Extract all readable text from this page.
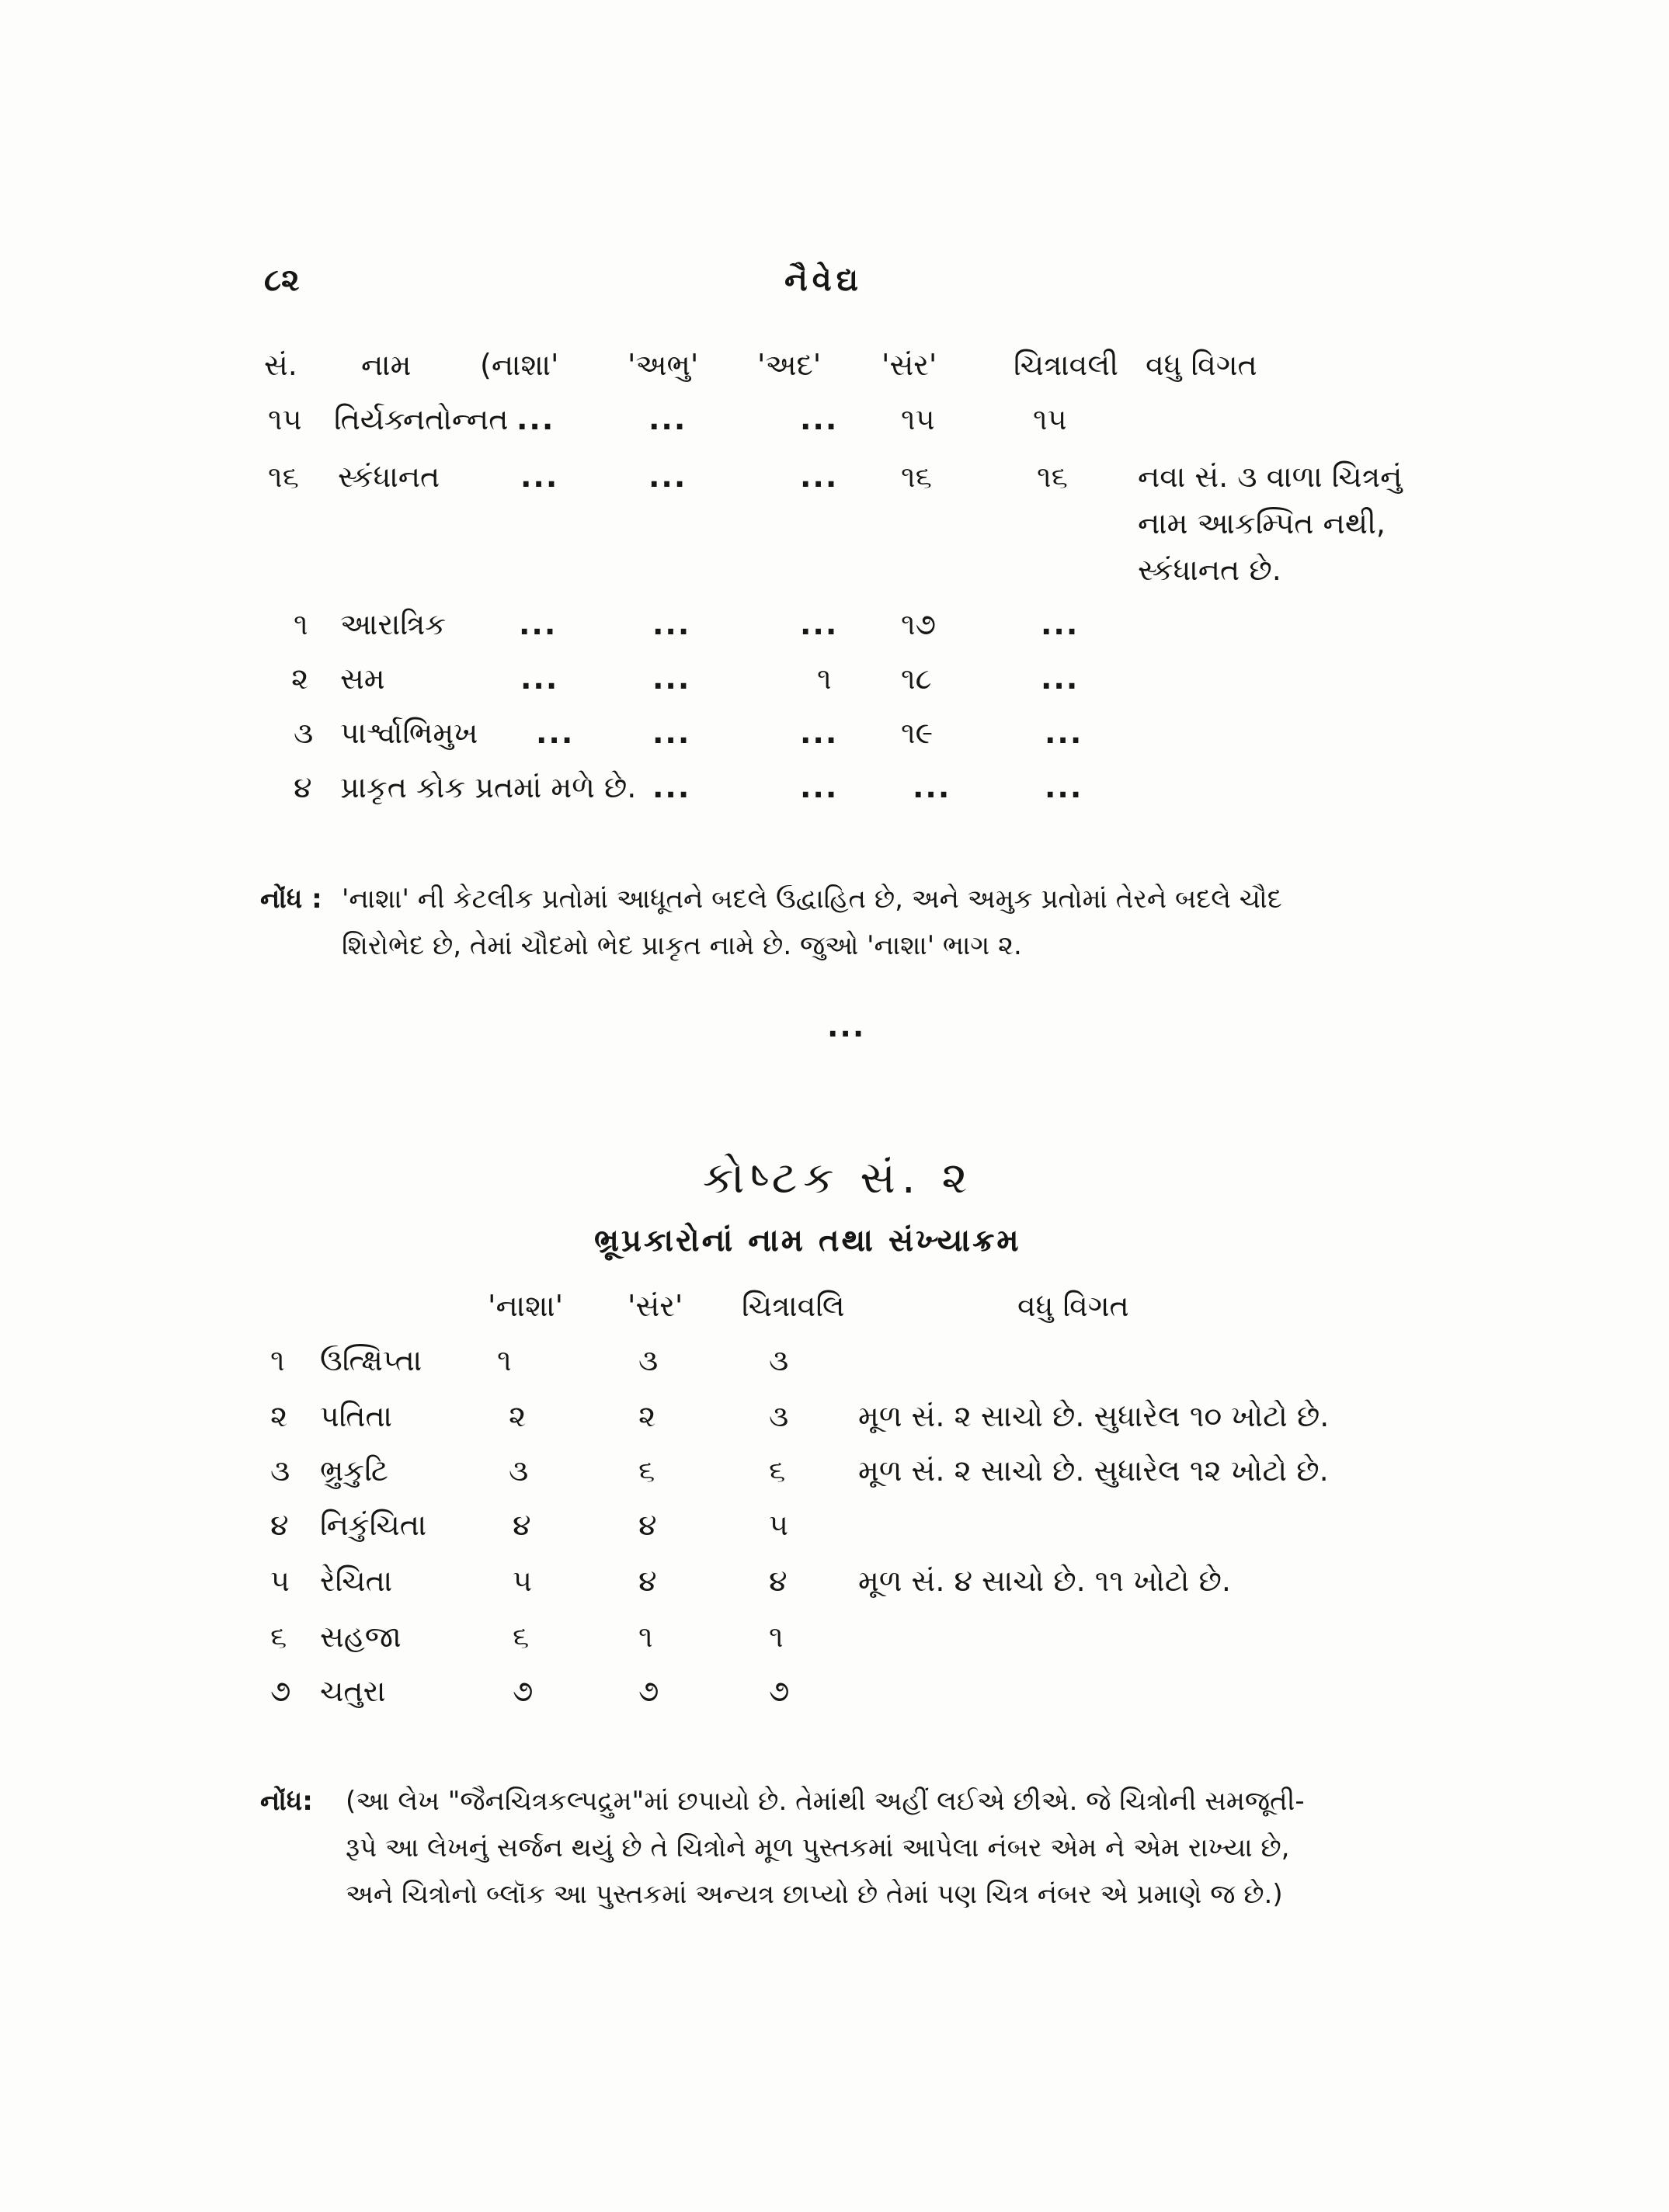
૮૨	નૈવેદ્ય
સં. નામ (નાશા' 'અભુ' 'અદ' 'સંર'	ચિત્રાવલી વધુ વિગત
૧૫ તિર્યક્નતોન્નત ...	...	... ૧૫	૧૫
૧૬ સ્કંધાનત	...	...	... ૧૬	૧૬ નવા સં. ૩ વાળા ચિત્રનું
નામ આકમ્પિત નથી,
સ્કંધાનત છે.
૧ આરાત્રિક ...	...	... ૧૭	...
૨ સમ	...	...	૧ ૧૮	...
૩ પાર્શ્વાભિમુખ ...	...	... ૧૯	...
૪ પ્રાકૃત કોક પ્રતમાં મળે છે. ...	...	...	...
નોંધ : 'નાશા' ની કેટલીક પ્રતોમાં આધૂતને બદલે ઉદ્વાહિત છે, અને અમુક પ્રતોમાં તેરને બદલે ચૌદ
શિરોભેદ છે, તેમાં ચૌદમો ભેદ પ્રાકૃત નામે છે. જુઓ 'નાશા' ભાગ ૨.
...
કોષ્ટક સં. ૨
ભ્રૂપ્રકારોનાં નામ તથા સંખ્યાક્રમ
'નાશા' 'સંર' ચિત્રાવલિ	વધુ વિગત
૧ ઉત્ક્ષિપ્તા	૧	૩	૩
૨ પતિતા	૨	૨	૩ મૂળ સં. ૨ સાચો છે. સુધારેલ ૧૦ ખોટો છે.
૩ ભ્રુકુટિ	૩	૬	૬ મૂળ સં. ૨ સાચો છે. સુધારેલ ૧૨ ખોટો છે.
૪ નિકુંચિતા	૪	૪	૫
૫ રેચિતા	૫	૪	૪ મૂળ સં. ૪ સાચો છે. ૧૧ ખોટો છે.
૬ સહજા	૬	૧	૧
૭ ચતુરા	૭	૭	૭
નોંધ: (આ લેખ "જૈનચિત્રકલ્પદ્રુમ"માં છપાયો છે. તેમાંથી અહીં લઈએ છીએ. જે ચિત્રોની સમજૂતી-
રૂપે આ લેખનું સર્જન થયું છે તે ચિત્રોને મૂળ પુસ્તકમાં આપેલા નંબર એમ ને એમ રાખ્યા છે,
અને ચિત્રોનો બ્લૉક આ પુસ્તકમાં અન્યત્ર છાપ્યો છે તેમાં પણ ચિત્ર નંબર એ પ્રમાણે જ છે.)
